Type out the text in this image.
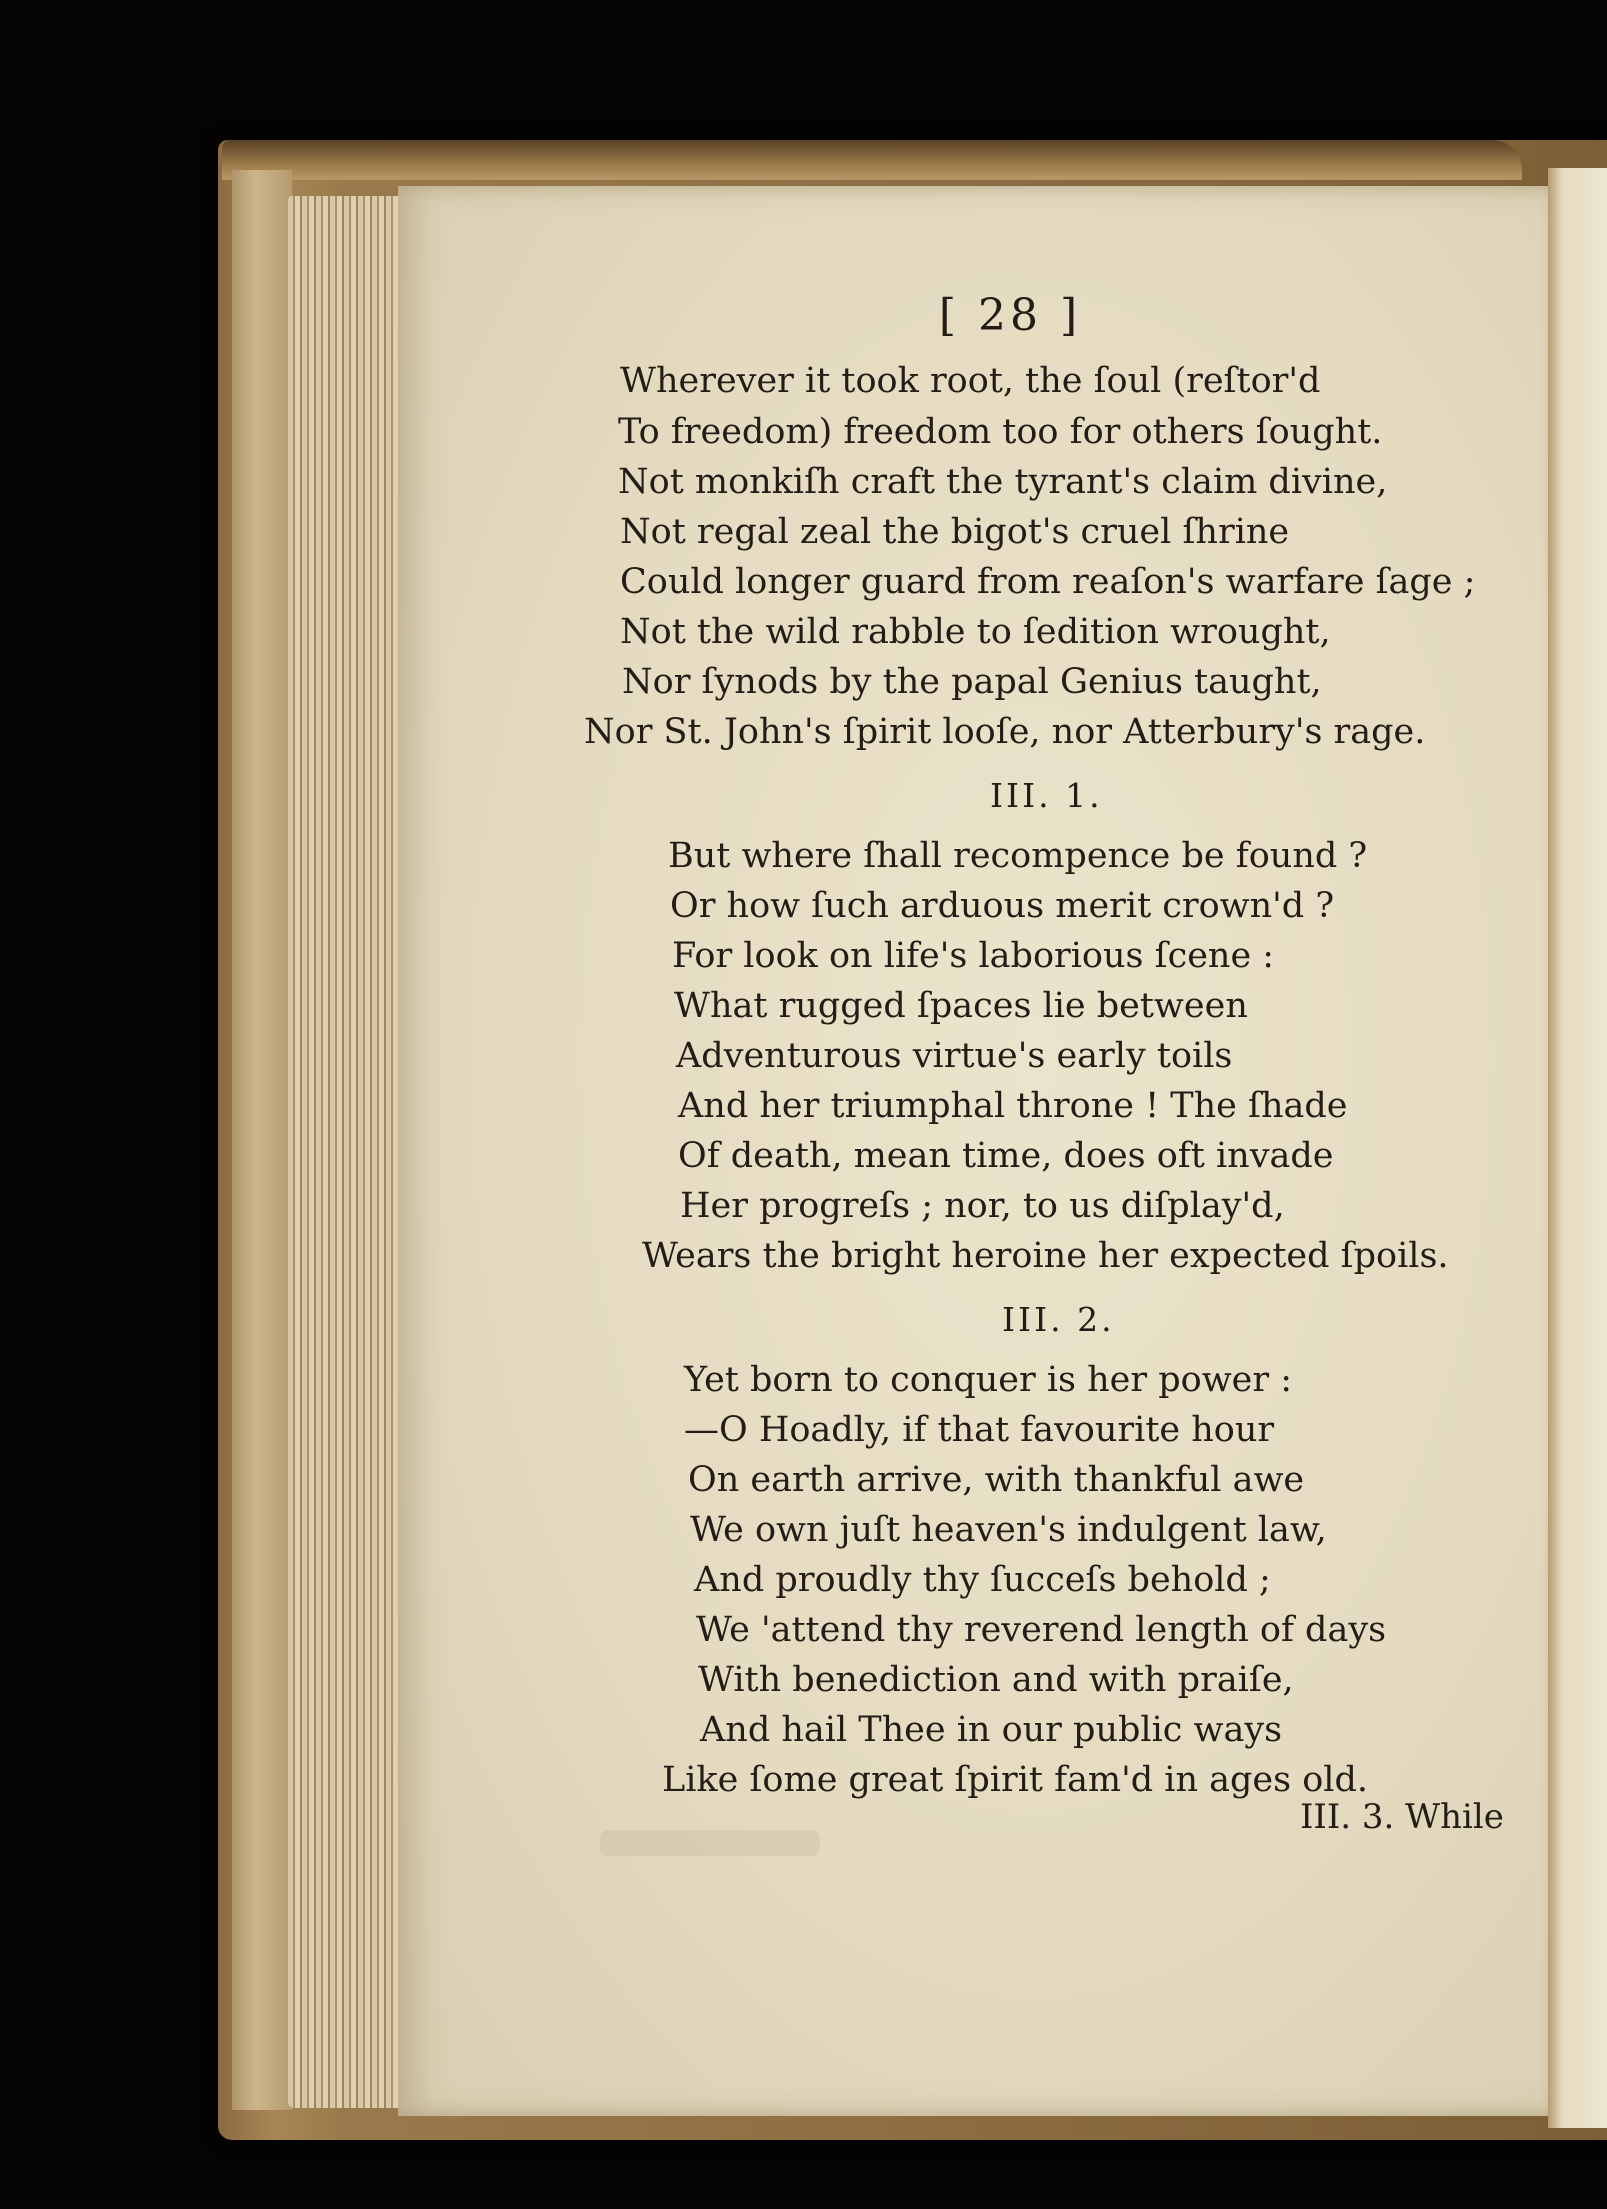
[ 28 ]
Wherever it took root, the ſoul (reſtor'd
To freedom) freedom too for others ſought.
Not monkiſh craft the tyrant's claim divine,
Not regal zeal the bigot's cruel ſhrine
Could longer guard from reaſon's warfare ſage ;
Not the wild rabble to ſedition wrought,
Nor ſynods by the papal Genius taught,
Nor St. John's ſpirit looſe, nor Atterbury's rage.
III. 1.
But where ſhall recompence be found ?
Or how ſuch arduous merit crown'd ?
For look on life's laborious ſcene :
What rugged ſpaces lie between
Adventurous virtue's early toils
And her triumphal throne ! The ſhade
Of death, mean time, does oft invade
Her progreſs ; nor, to us diſplay'd,
Wears the bright heroine her expected ſpoils.
III. 2.
Yet born to conquer is her power :
—O Hoadly, if that favourite hour
On earth arrive, with thankful awe
We own juſt heaven's indulgent law,
And proudly thy ſucceſs behold ;
We 'attend thy reverend length of days
With benediction and with praiſe,
And hail Thee in our public ways
Like ſome great ſpirit fam'd in ages old.
III. 3. While
